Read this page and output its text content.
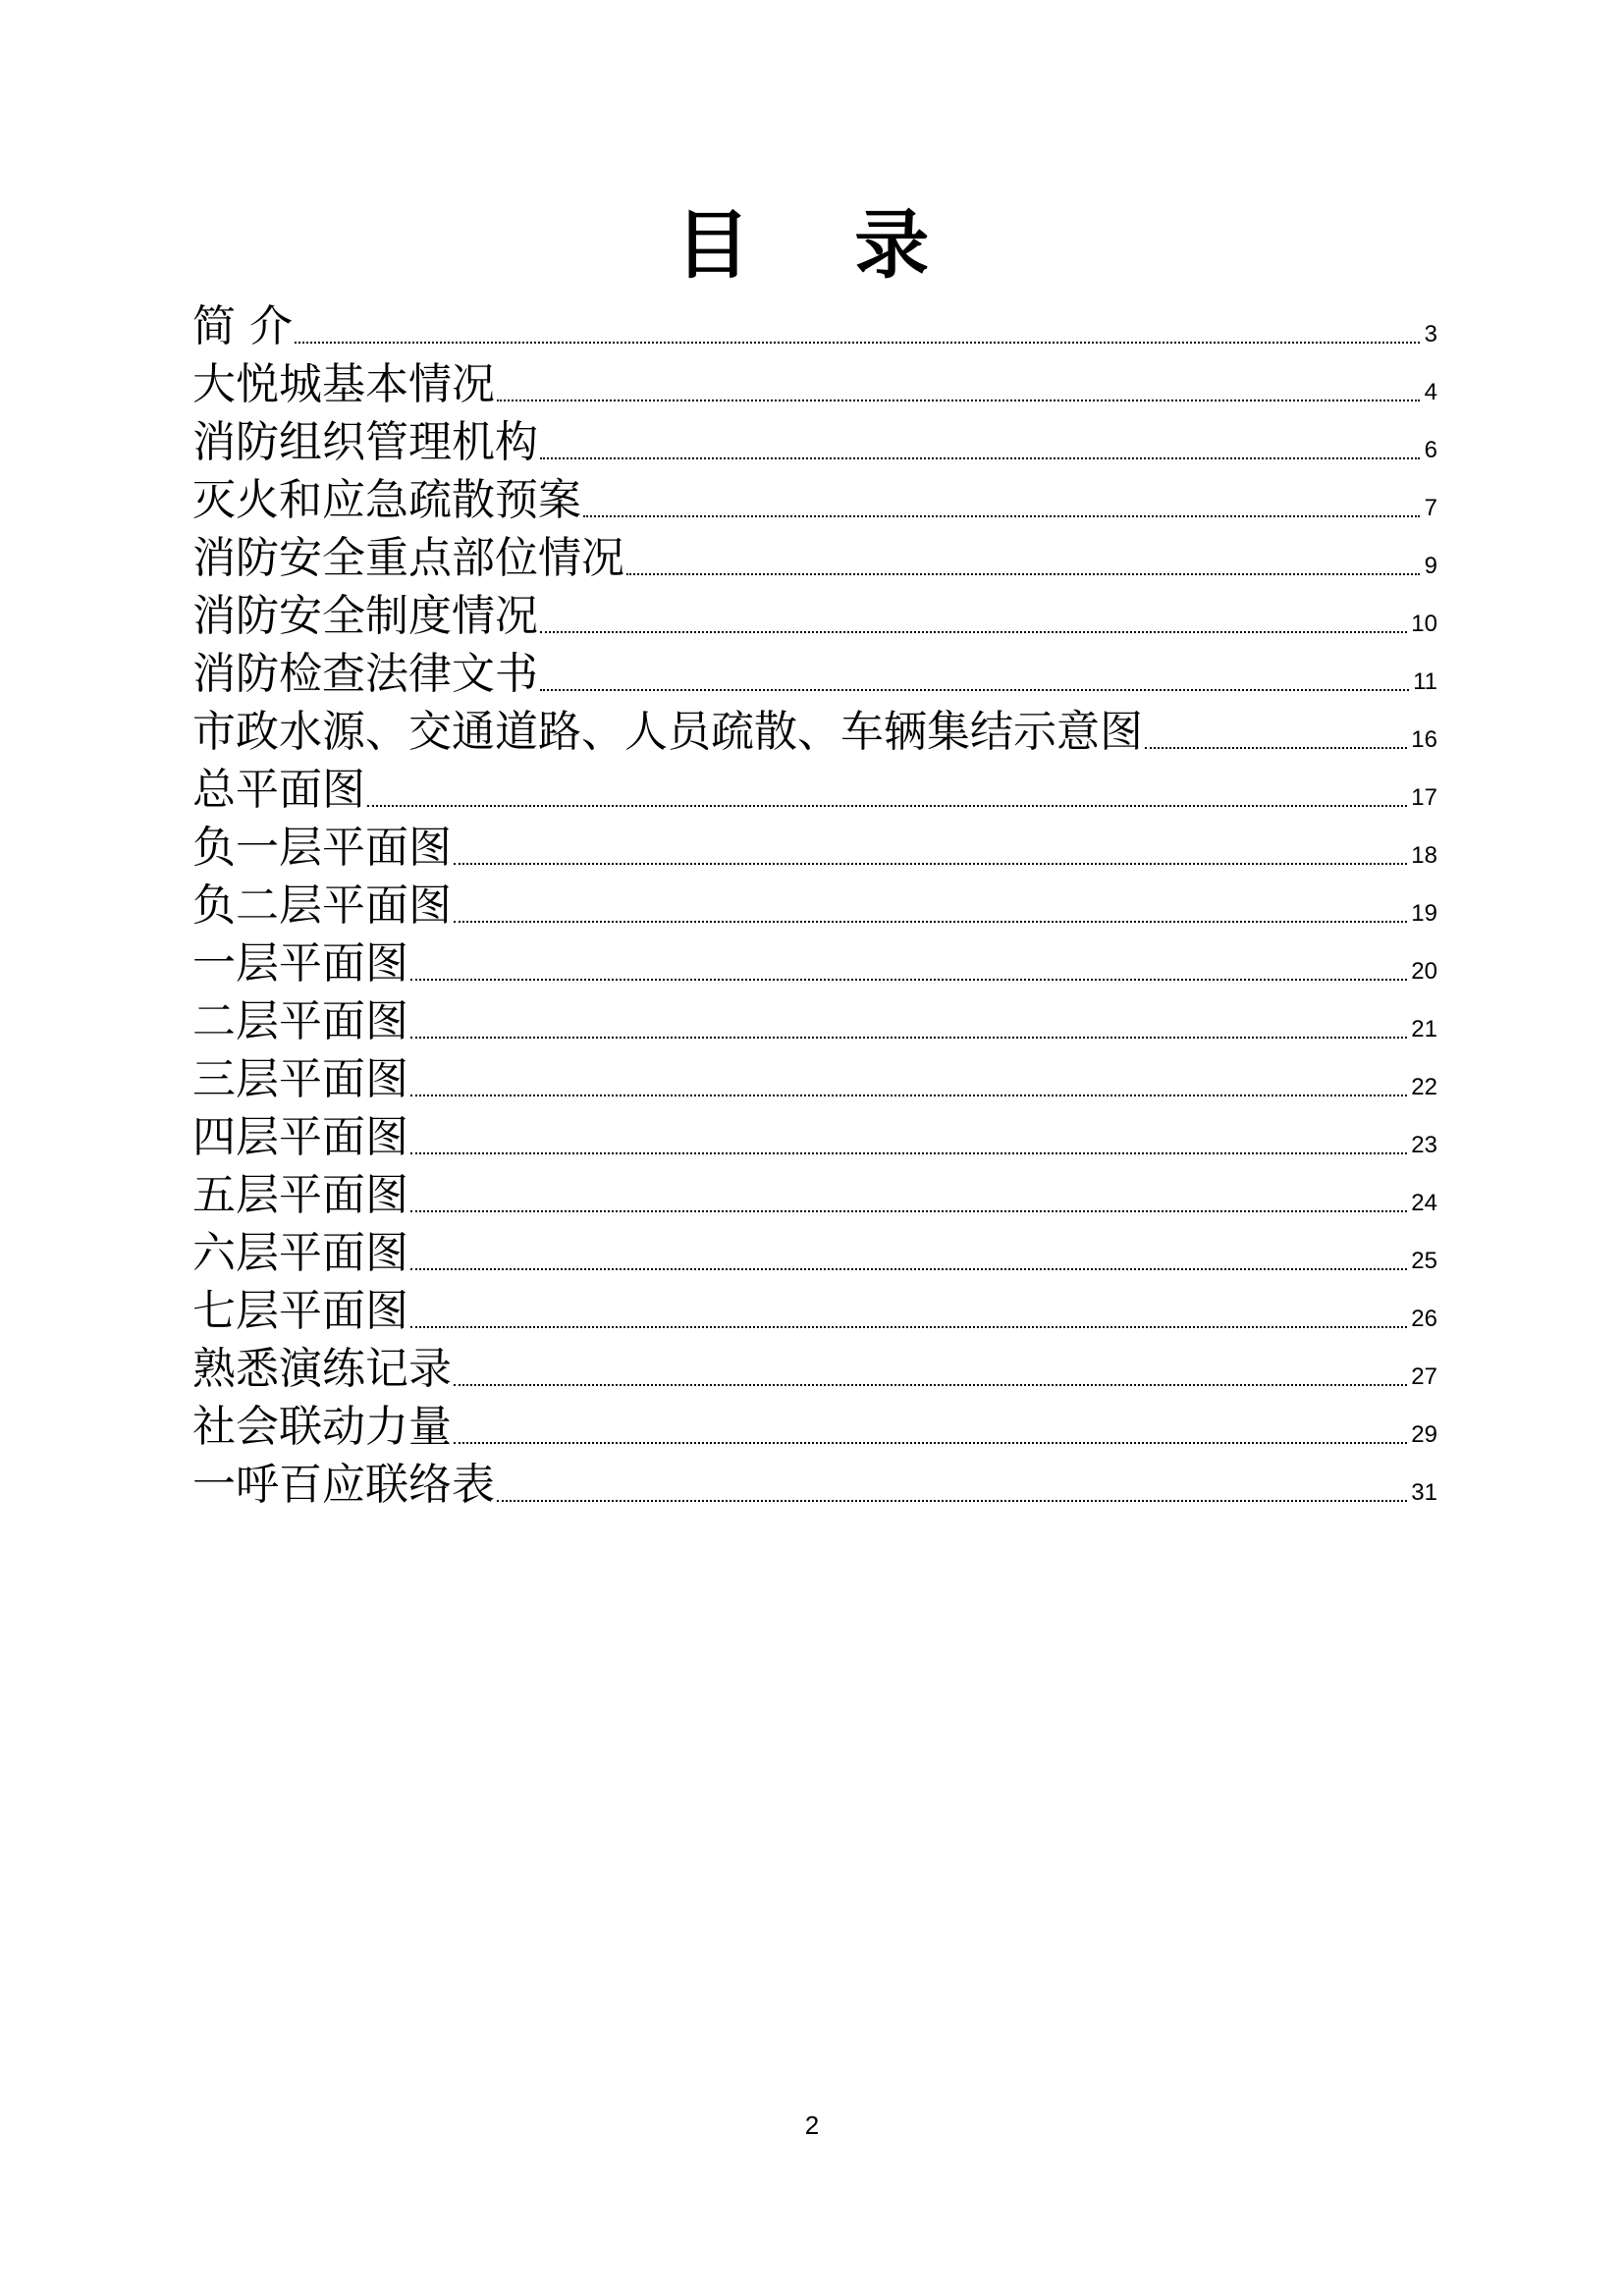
目 录
简 介	3
大悦城基本情况	4
消防组织管理机构	6
灭火和应急疏散预案	7
消防安全重点部位情况	9
消防安全制度情况	10
消防检查法律文书	11
市政水源、交通道路、人员疏散、车辆集结示意图	16
总平面图	17
负一层平面图	18
负二层平面图	19
一层平面图	20
二层平面图	21
三层平面图	22
四层平面图	23
五层平面图	24
六层平面图	25
七层平面图	26
熟悉演练记录	27
社会联动力量	29
一呼百应联络表	31
2
